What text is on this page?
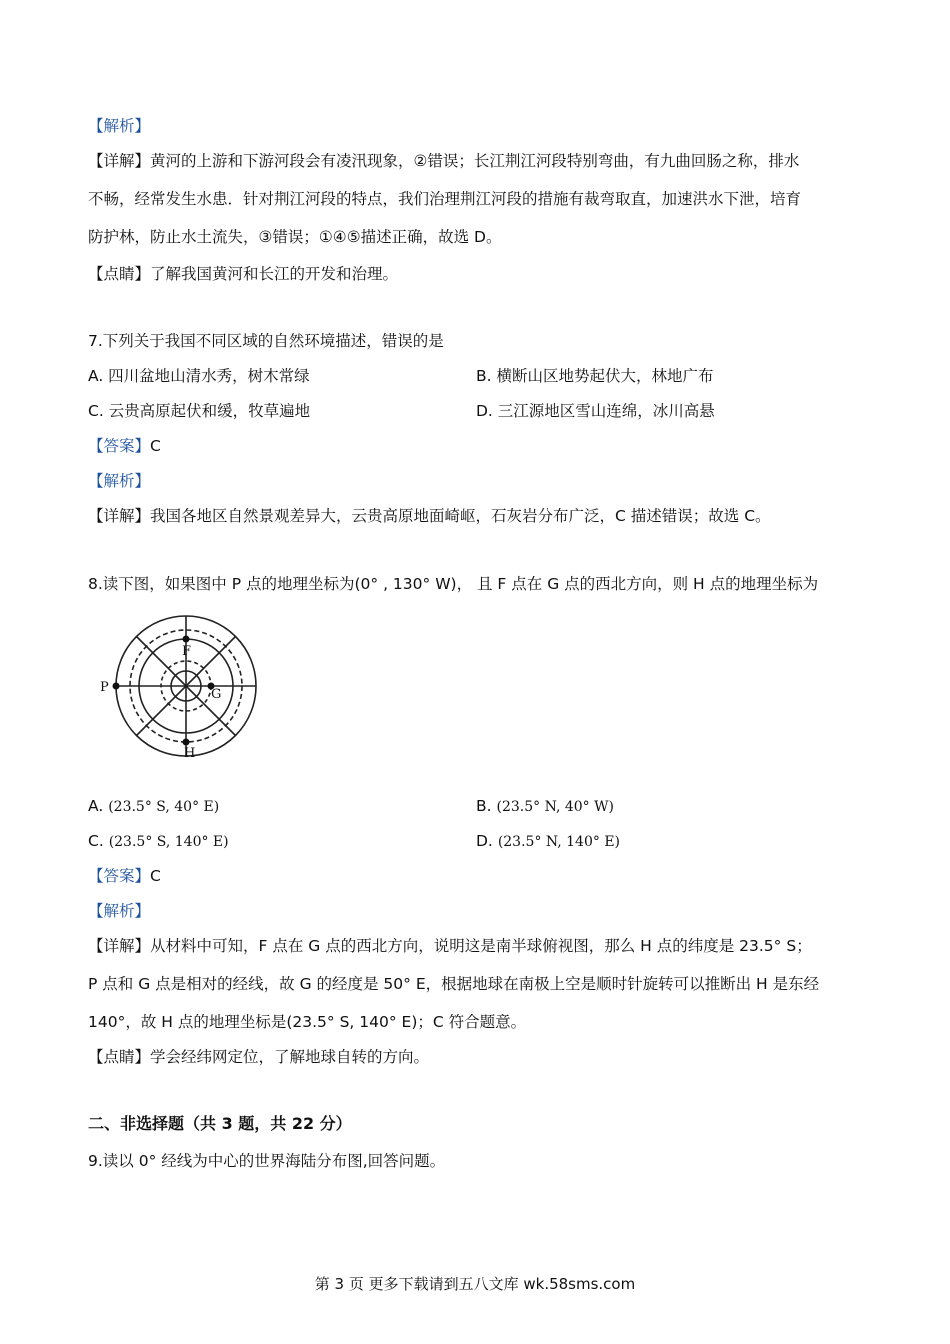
【解析】
【详解】黄河的上游和下游河段会有凌汛现象，②错误；长江荆江河段特别弯曲，有九曲回肠之称，排水
不畅，经常发生水患．针对荆江河段的特点，我们治理荆江河段的措施有裁弯取直，加速洪水下泄，培育
防护林，防止水土流失，③错误；①④⑤描述正确，故选 D。
【点睛】了解我国黄河和长江的开发和治理。
7.下列关于我国不同区域的自然环境描述，错误的是
A. 四川盆地山清水秀，树木常绿	B. 横断山区地势起伏大，林地广布
C. 云贵高原起伏和缓，牧草遍地	D. 三江源地区雪山连绵，冰川高悬
【答案】C
【解析】
【详解】我国各地区自然景观差异大，云贵高原地面崎岖，石灰岩分布广泛，C 描述错误；故选 C。
8.读下图，如果图中 P 点的地理坐标为(0° , 130° W)， 且 F 点在 G 点的西北方向，则 H 点的地理坐标为
F
P	G
H
A. (23.5° S, 40° E)	B. (23.5° N, 40° W)
C. (23.5° S, 140° E)	D. (23.5° N, 140° E)
【答案】C
【解析】
【详解】从材料中可知，F 点在 G 点的西北方向，说明这是南半球俯视图，那么 H 点的纬度是 23.5° S；
P 点和 G 点是相对的经线，故 G 的经度是 50° E，根据地球在南极上空是顺时针旋转可以推断出 H 是东经
140°，故 H 点的地理坐标是(23.5° S, 140° E)；C 符合题意。
【点睛】学会经纬网定位，了解地球自转的方向。
二、非选择题（共 3 题，共 22 分）
9.读以 0° 经线为中心的世界海陆分布图,回答问题。
第 3 页 更多下载请到五八文库 wk.58sms.com
